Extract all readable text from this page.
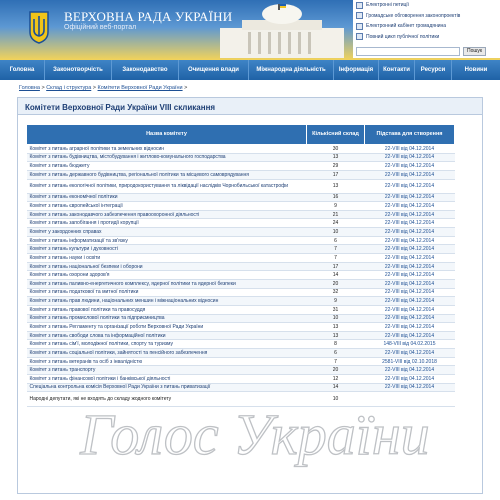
ВЕРХОВНА РАДА УКРАЇНИ
Офіційний веб-портал
Електронні петиції
Громадське обговорення законопроектів
Електронний кабінет громадянина
Повний цикл публічної політики
Пошук
Головна	Законотворчість	Законодавство	Очищення влади	Міжнародна діяльність	Інформація	Контакти	Ресурси	Новини
Головна > Склад і структура > Комітети Верховної Ради України >
Комітети Верховної Ради України VIII скликання
Назва комітету	Кількісний склад	Підстава для створення
Комітет з питань аграрної політики та земельних відносин	30	22-VIII від 04.12.2014
Комітет з питань будівництва, містобудування і житлово-комунального господарства	13	22-VIII від 04.12.2014
Комітет з питань бюджету	29	22-VIII від 04.12.2014
Комітет з питань державного будівництва, регіональної політики та місцевого самоврядування	17	22-VIII від 04.12.2014
Комітет з питань екологічної політики, природокористування та ліквідації наслідків Чорнобильської катастрофи	13	22-VIII від 04.12.2014
Комітет з питань економічної політики	16	22-VIII від 04.12.2014
Комітет з питань європейської інтеграції	9	22-VIII від 04.12.2014
Комітет з питань законодавчого забезпечення правоохоронної діяльності	21	22-VIII від 04.12.2014
Комітет з питань запобігання і протидії корупції	24	22-VIII від 04.12.2014
Комітет у закордонних справах	10	22-VIII від 04.12.2014
Комітет з питань інформатизації та зв'язку	6	22-VIII від 04.12.2014
Комітет з питань культури і духовності	7	22-VIII від 04.12.2014
Комітет з питань науки і освіти	7	22-VIII від 04.12.2014
Комітет з питань національної безпеки і оборони	17	22-VIII від 04.12.2014
Комітет з питань охорони здоров'я	14	22-VIII від 04.12.2014
Комітет з питань паливно-енергетичного комплексу, ядерної політики та ядерної безпеки	20	22-VIII від 04.12.2014
Комітет з питань податкової та митної політики	32	22-VIII від 04.12.2014
Комітет з питань прав людини, національних меншин і міжнаціональних відносин	9	22-VIII від 04.12.2014
Комітет з питань правової політики та правосуддя	31	22-VIII від 04.12.2014
Комітет з питань промислової політики та підприємництва	10	22-VIII від 04.12.2014
Комітет з питань Регламенту та організації роботи Верховної Ради України	13	22-VIII від 04.12.2014
Комітет з питань свободи слова та інформаційної політики	13	22-VIII від 04.12.2014
Комітет з питань сім'ї, молодіжної політики, спорту та туризму	8	148-VIII від 04.02.2015
Комітет з питань соціальної політики, зайнятості та пенсійного забезпечення	6	22-VIII від 04.12.2014
Комітет з питань ветеранів та осіб з інвалідністю	7	2581-VIII від 02.10.2018
Комітет з питань транспорту	20	22-VIII від 04.12.2014
Комітет з питань фінансової політики і банківської діяльності	12	22-VIII від 04.12.2014
Спеціальна контрольна комісія Верховної Ради України з питань приватизації	14	22-VIII від 04.12.2014
Народні депутати, які не входять до складу жодного комітету	10	
Голос України
